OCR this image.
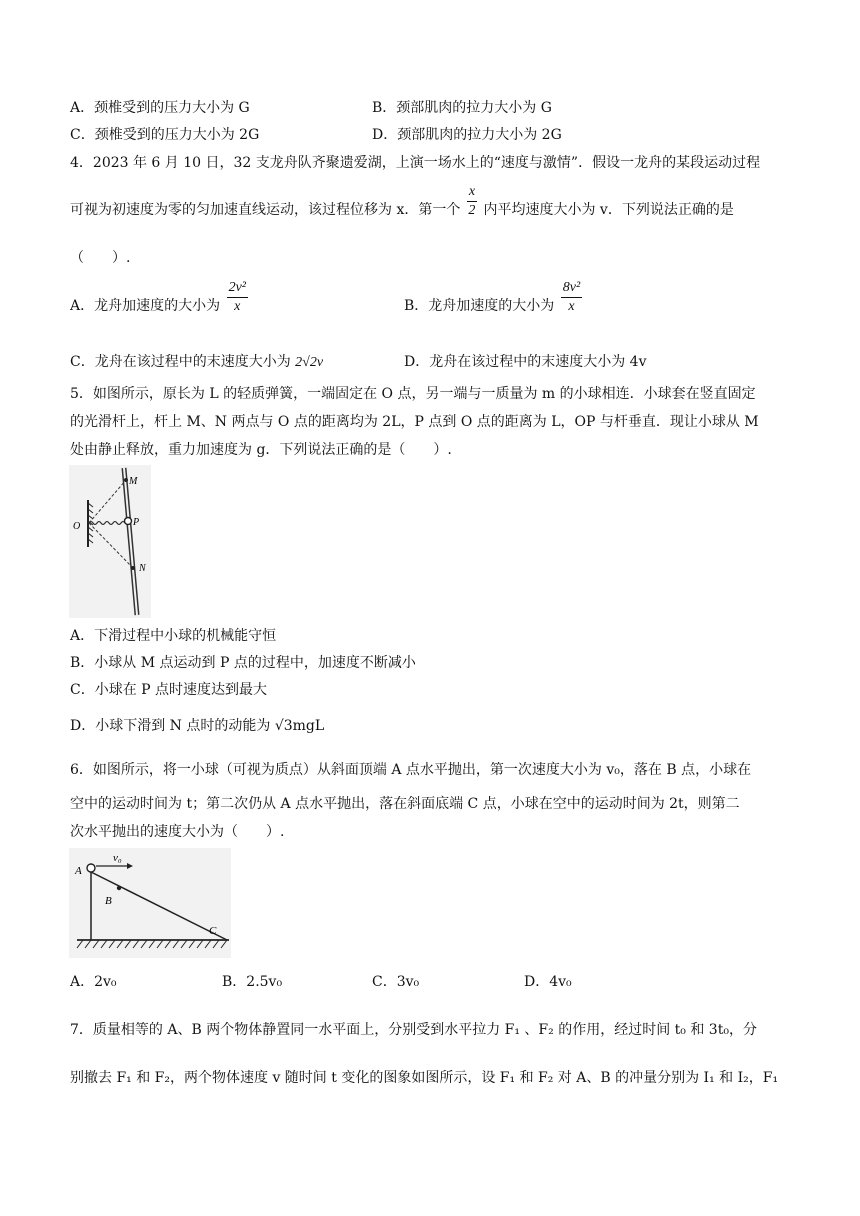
A．颈椎受到的压力大小为 G	B．颈部肌肉的拉力大小为 G
C．颈椎受到的压力大小为 2G	D．颈部肌肉的拉力大小为 2G
4．2023 年 6 月 10 日，32 支龙舟队齐聚遗爱湖，上演一场水上的“速度与激情”．假设一龙舟的某段运动过程
可视为初速度为零的匀加速直线运动，该过程位移为 x．第一个 $\frac{x}{2}$ 内平均速度大小为 v．下列说法正确的是
（　　）.
A．龙舟加速度的大小为 $\frac{\text{2v²}}{x}$	B．龙舟加速度的大小为 $\frac{\text{8v²}}{x}$
C．龙舟在该过程中的末速度大小为 2√2v	D．龙舟在该过程中的末速度大小为 4v
5．如图所示，原长为 L 的轻质弹簧，一端固定在 O 点，另一端与一质量为 m 的小球相连．小球套在竖直固定
的光滑杆上，杆上 M、N 两点与 O 点的距离均为 2L，P 点到 O 点的距离为 L，OP 与杆垂直．现让小球从 M
处由静止释放，重力加速度为 g．下列说法正确的是（　　）.
M
O	P
N
A．下滑过程中小球的机械能守恒
B．小球从 M 点运动到 P 点的过程中，加速度不断减小
C．小球在 P 点时速度达到最大
D．小球下滑到 N 点时的动能为 √3mgL
6．如图所示，将一小球（可视为质点）从斜面顶端 A 点水平抛出，第一次速度大小为 v₀，落在 B 点，小球在
空中的运动时间为 t；第二次仍从 A 点水平抛出，落在斜面底端 C 点，小球在空中的运动时间为 2t，则第二
次水平抛出的速度大小为（　　）.
v₀
A
B
C
A．2v₀	B．2.5v₀	C．3v₀	D．4v₀
7．质量相等的 A、B 两个物体静置同一水平面上，分别受到水平拉力 F₁ 、F₂ 的作用，经过时间 t₀ 和 3t₀，分
别撤去 F₁ 和 F₂，两个物体速度 v 随时间 t 变化的图象如图所示，设 F₁ 和 F₂ 对 A、B 的冲量分别为 I₁ 和 I₂，F₁
